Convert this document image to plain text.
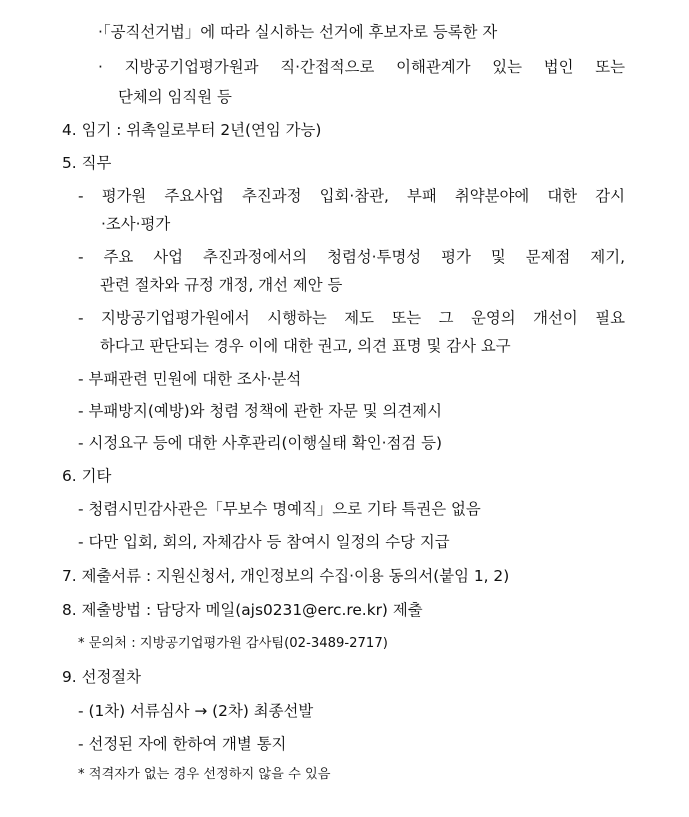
·「공직선거법」에 따라 실시하는 선거에 후보자로 등록한 자
· 지방공기업평가원과 직·간접적으로 이해관계가 있는 법인 또는
단체의 임직원 등
4. 임기 : 위촉일로부터 2년(연임 가능)
5. 직무
- 평가원 주요사업 추진과정 입회·참관, 부패 취약분야에 대한 감시
·조사·평가
- 주요 사업 추진과정에서의 청렴성·투명성 평가 및 문제점 제기,
관련 절차와 규정 개정, 개선 제안 등
- 지방공기업평가원에서 시행하는 제도 또는 그 운영의 개선이 필요
하다고 판단되는 경우 이에 대한 권고, 의견 표명 및 감사 요구
- 부패관련 민원에 대한 조사·분석
- 부패방지(예방)와 청렴 정책에 관한 자문 및 의견제시
- 시정요구 등에 대한 사후관리(이행실태 확인·점검 등)
6. 기타
- 청렴시민감사관은「무보수 명예직」으로 기타 특권은 없음
- 다만 입회, 회의, 자체감사 등 참여시 일정의 수당 지급
7. 제출서류 : 지원신청서, 개인정보의 수집·이용 동의서(붙임 1, 2)
8. 제출방법 : 담당자 메일(ajs0231@erc.re.kr) 제출
* 문의처 : 지방공기업평가원 감사팀(02-3489-2717)
9. 선정절차
- (1차) 서류심사 → (2차) 최종선발
- 선정된 자에 한하여 개별 통지
* 적격자가 없는 경우 선정하지 않을 수 있음
